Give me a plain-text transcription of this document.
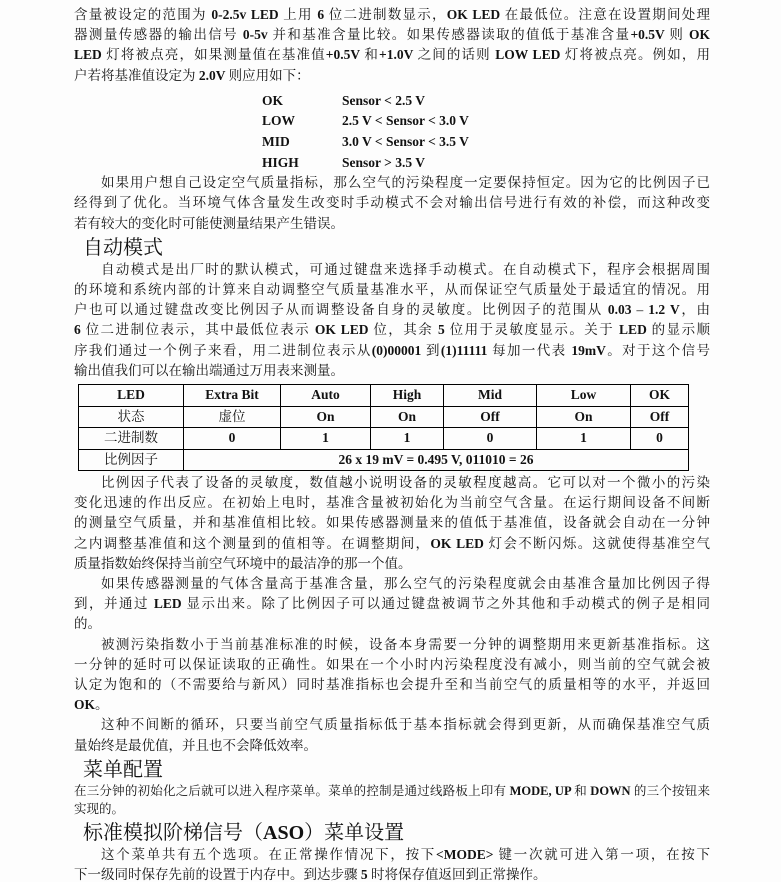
含量被设定的范围为 0-2.5v LED 上用 6 位二进制数显示，OK LED 在最低位。注意在设置期间处理
器测量传感器的输出信号 0-5v 并和基准含量比较。如果传感器读取的值低于基准含量+0.5V 则 OK
LED 灯将被点亮，如果测量值在基准值+0.5V 和+1.0V 之间的话则 LOW LED 灯将被点亮。例如，用
户若将基准值设定为 2.0V 则应用如下：
OK	Sensor < 2.5 V
LOW	2.5 V < Sensor < 3.0 V
MID	3.0 V < Sensor < 3.5 V
HIGH	Sensor > 3.5 V
如果用户想自己设定空气质量指标，那么空气的污染程度一定要保持恒定。因为它的比例因子已
经得到了优化。当环境气体含量发生改变时手动模式不会对输出信号进行有效的补偿，而这种改变
若有较大的变化时可能使测量结果产生错误。
自动模式
自动模式是出厂时的默认模式，可通过键盘来选择手动模式。在自动模式下，程序会根据周围
的环境和系统内部的计算来自动调整空气质量基准水平，从而保证空气质量处于最适宜的情况。用
户也可以通过键盘改变比例因子从而调整设备自身的灵敏度。比例因子的范围从 0.03 – 1.2 V，由
6 位二进制位表示，其中最低位表示 OK LED 位，其余 5 位用于灵敏度显示。关于 LED 的显示顺
序我们通过一个例子来看，用二进制位表示从(0)00001 到(1)11111 每加一代表 19mV。对于这个信号
输出值我们可以在输出端通过万用表来测量。
LED	Extra Bit	Auto	High	Mid	Low	OK
状态	虚位	On	On	Off	On	Off
二进制数	0	1	1	0	1	0
比例因子	26 x 19 mV = 0.495 V, 011010 = 26					
比例因子代表了设备的灵敏度，数值越小说明设备的灵敏程度越高。它可以对一个微小的污染
变化迅速的作出反应。在初始上电时，基准含量被初始化为当前空气含量。在运行期间设备不间断
的测量空气质量，并和基准值相比较。如果传感器测量来的值低于基准值，设备就会自动在一分钟
之内调整基准值和这个测量到的值相等。在调整期间，OK LED 灯会不断闪烁。这就使得基准空气
质量指数始终保持当前空气环境中的最洁净的那一个值。
如果传感器测量的气体含量高于基准含量，那么空气的污染程度就会由基准含量加比例因子得
到，并通过 LED 显示出来。除了比例因子可以通过键盘被调节之外其他和手动模式的例子是相同
的。
被测污染指数小于当前基准标准的时候，设备本身需要一分钟的调整期用来更新基准指标。这
一分钟的延时可以保证读取的正确性。如果在一个小时内污染程度没有减小，则当前的空气就会被
认定为饱和的（不需要给与新风）同时基准指标也会提升至和当前空气的质量相等的水平，并返回
OK。
这种不间断的循环，只要当前空气质量指标低于基本指标就会得到更新，从而确保基准空气质
量始终是最优值，并且也不会降低效率。
菜单配置
在三分钟的初始化之后就可以进入程序菜单。菜单的控制是通过线路板上印有 MODE, UP 和 DOWN 的三个按钮来
实现的。
标准模拟阶梯信号（ASO）菜单设置
这个菜单共有五个选项。在正常操作情况下，按下<MODE> 键一次就可进入第一项，在按下
下一级同时保存先前的设置于内存中。到达步骤 5 时将保存值返回到正常操作。
